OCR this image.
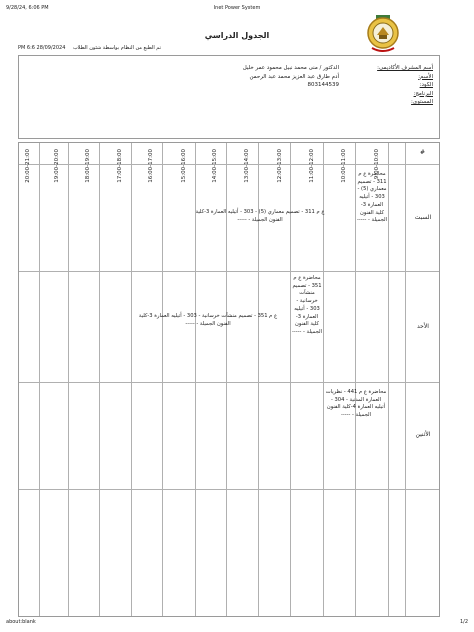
9/28/24, 6:06 PM	Inet Power System
الجدول الدراسي
PM 6:6 28/09/2024 تم الطبع من النظام بواسطة شئون الطلاب
الدكتور / منى محمد نبيل محمود عمر خليل
أدم طارق عبد العزيز محمد عبد الرحمن
803144539
أسم المشرف الأكاديمي:
الأسم:
الكود:
البرنامج:
المستوي:
#
9:00-10:00
10:00-11:00
11:00-12:00
12:00-13:00
13:00-14:00
14:00-15:00
15:00-16:00
16:00-17:00
17:00-18:00
18:00-19:00
19:00-20:00
20:00-21:00
السبت
الأحد
الأثنين
محاضرة ع م 311 - تصميم معماري (5) - 303 - أتيليه العمارة 3-كلية الفنون الجميلة - -----
ع م 311 - تصميم معماري (5) - 303 - أتيليه العمارة 3-كلية الفنون الجميلة - -----
محاضرة ع م 351 - تصميم منشآت خرسانية - 303 - أتيليه العمارة 3-كلية الفنون الجميلة - -----
ع م 351 - تصميم منشآت خرسانية - 303 - أتيليه العمارة 3-كلية الفنون الجميلة - -----
محاضرة ع م 441 - نظريات العمارة المدنية - 304 - أتيليه العمارة 4-كلية الفنون الجميلة - -----
about:blank	1/2
